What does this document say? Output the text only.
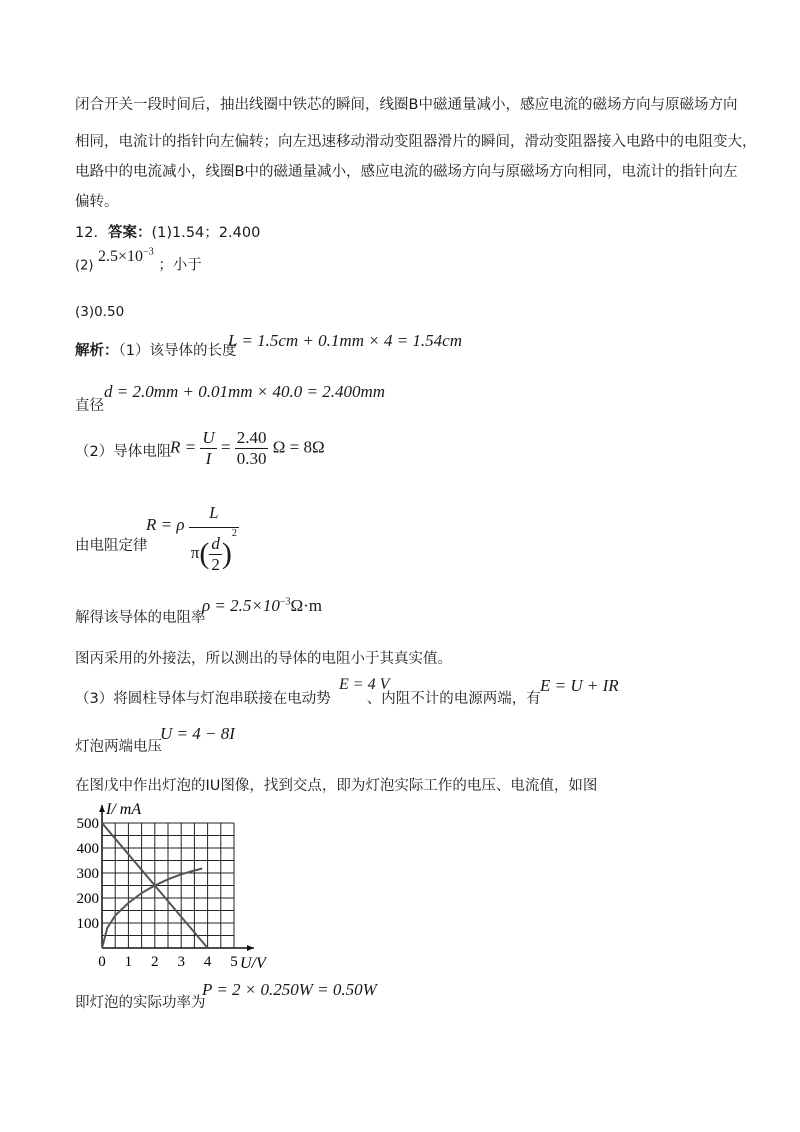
闭合开关一段时间后，抽出线圈中铁芯的瞬间，线圈B中磁通量减小，感应电流的磁场方向与原磁场方向
相同，电流计的指针向左偏转；向左迅速移动滑动变阻器滑片的瞬间，滑动变阻器接入电路中的电阻变大，
电路中的电流减小，线圈B中的磁通量减小，感应电流的磁场方向与原磁场方向相同，电流计的指针向左
偏转。
12．答案：(1)1.54；2.400
(2) $2.5\times 10^{-3}$ ；小于
(3)0.50
解析：（1）该导体的长度
L = 1.5cm + 0.1mm × 4 = 1.54cm
直径
d = 2.0mm + 0.01mm × 40.0 = 2.400mm
（2）导体电阻
$R = \frac{U}{I} = \frac{2.40}{0.30}$ Ω = 8Ω
由电阻定律
R = ρ $\frac{L}{\pi( \frac{d}{2} )^2}$
解得该导体的电阻率
$\rho = 2.5\times 10^{-3}\Omega\cdot m$
图丙采用的外接法，所以测出的导体的电阻小于其真实值。
（3）将圆柱导体与灯泡串联接在电动势 、内阻不计的电源两端，有
E = 4 V	E = U + IR
灯泡两端电压
U = 4 − 8I
在图戊中作出灯泡的IU图像，找到交点，即为灯泡实际工作的电压、电流值，如图
0 1 2 3 4 5
100
200
300
400
500
I/ mA
U/V
即灯泡的实际功率为
P = 2 × 0.250W = 0.50W
